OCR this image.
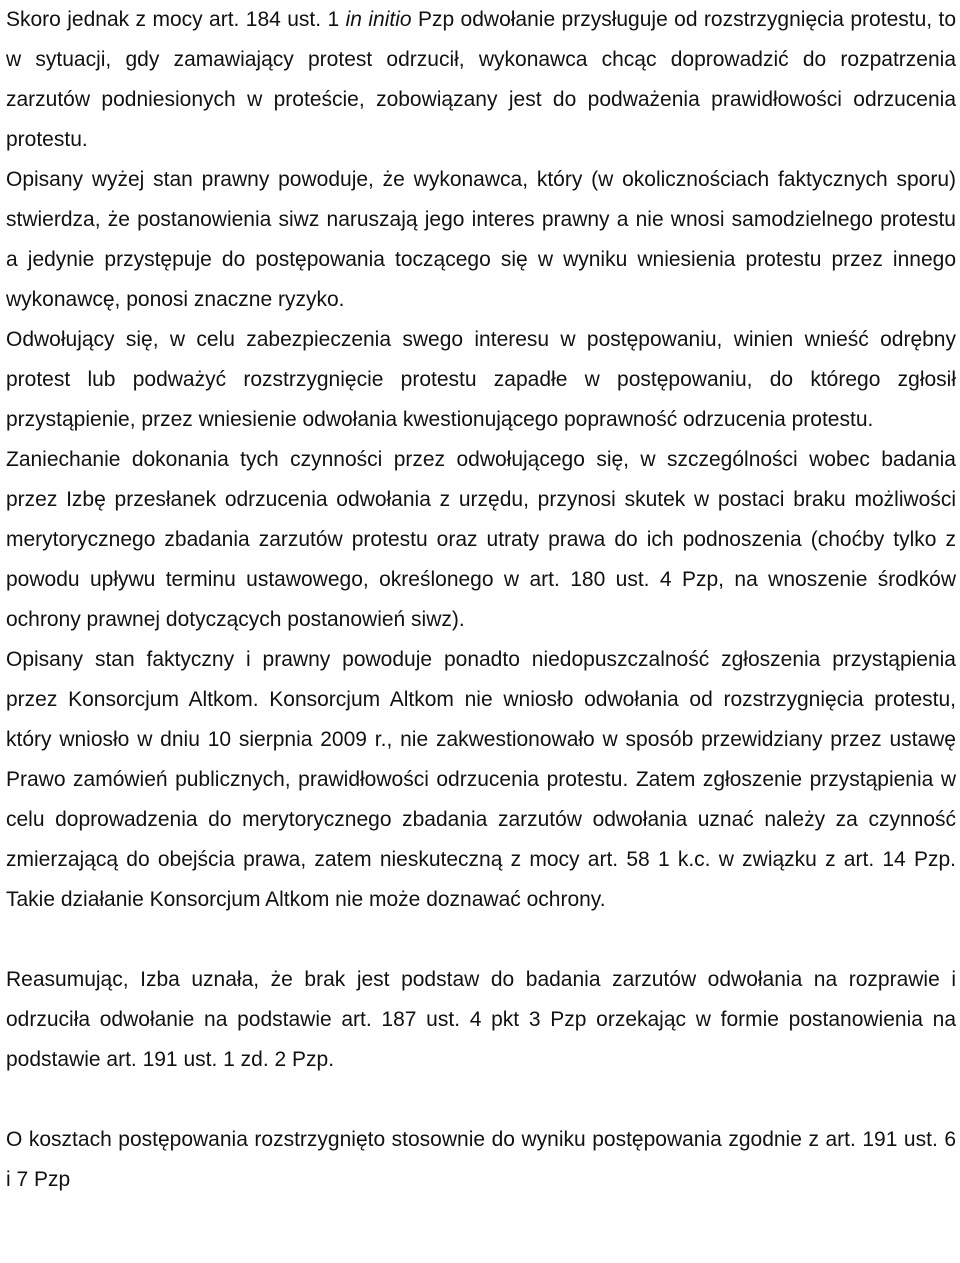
Skoro jednak z mocy art. 184 ust. 1 in initio Pzp odwołanie przysługuje od rozstrzygnięcia protestu, to w sytuacji, gdy zamawiający protest odrzucił, wykonawca chcąc doprowadzić do rozpatrzenia zarzutów podniesionych w proteście, zobowiązany jest do podważenia prawidłowości odrzucenia protestu.

Opisany wyżej stan prawny powoduje, że wykonawca, który (w okolicznościach faktycznych sporu) stwierdza, że postanowienia siwz naruszają jego interes prawny a nie wnosi samodzielnego protestu a jedynie przystępuje do postępowania toczącego się w wyniku wniesienia protestu przez innego wykonawcę, ponosi znaczne ryzyko.

Odwołujący się, w celu zabezpieczenia swego interesu w postępowaniu, winien wnieść odrębny protest lub podważyć rozstrzygnięcie protestu zapadłe w postępowaniu, do którego zgłosił przystąpienie, przez wniesienie odwołania kwestionującego poprawność odrzucenia protestu.

Zaniechanie dokonania tych czynności przez odwołującego się, w szczególności wobec badania przez Izbę przesłanek odrzucenia odwołania z urzędu, przynosi skutek w postaci braku możliwości merytorycznego zbadania zarzutów protestu oraz utraty prawa do ich podnoszenia (choćby tylko z powodu upływu terminu ustawowego, określonego w art. 180 ust. 4 Pzp, na wnoszenie środków ochrony prawnej dotyczących postanowień siwz).

Opisany stan faktyczny i prawny powoduje ponadto niedopuszczalność zgłoszenia przystąpienia przez Konsorcjum Altkom. Konsorcjum Altkom nie wniosło odwołania od rozstrzygnięcia protestu, który wniosło w dniu 10 sierpnia 2009 r., nie zakwestionowało w sposób przewidziany przez ustawę Prawo zamówień publicznych, prawidłowości odrzucenia protestu. Zatem zgłoszenie przystąpienia w celu doprowadzenia do merytorycznego zbadania zarzutów odwołania uznać należy za czynność zmierzającą do obejścia prawa, zatem nieskuteczną z mocy art. 58 1 k.c. w związku z art. 14 Pzp. Takie działanie Konsorcjum Altkom nie może doznawać ochrony.

Reasumując, Izba uznała, że brak jest podstaw do badania zarzutów odwołania na rozprawie i odrzuciła odwołanie na podstawie art. 187 ust. 4 pkt 3 Pzp orzekając w formie postanowienia na podstawie art. 191 ust. 1 zd. 2 Pzp.

O kosztach postępowania rozstrzygnięto stosownie do wyniku postępowania zgodnie z art. 191 ust. 6 i 7 Pzp
